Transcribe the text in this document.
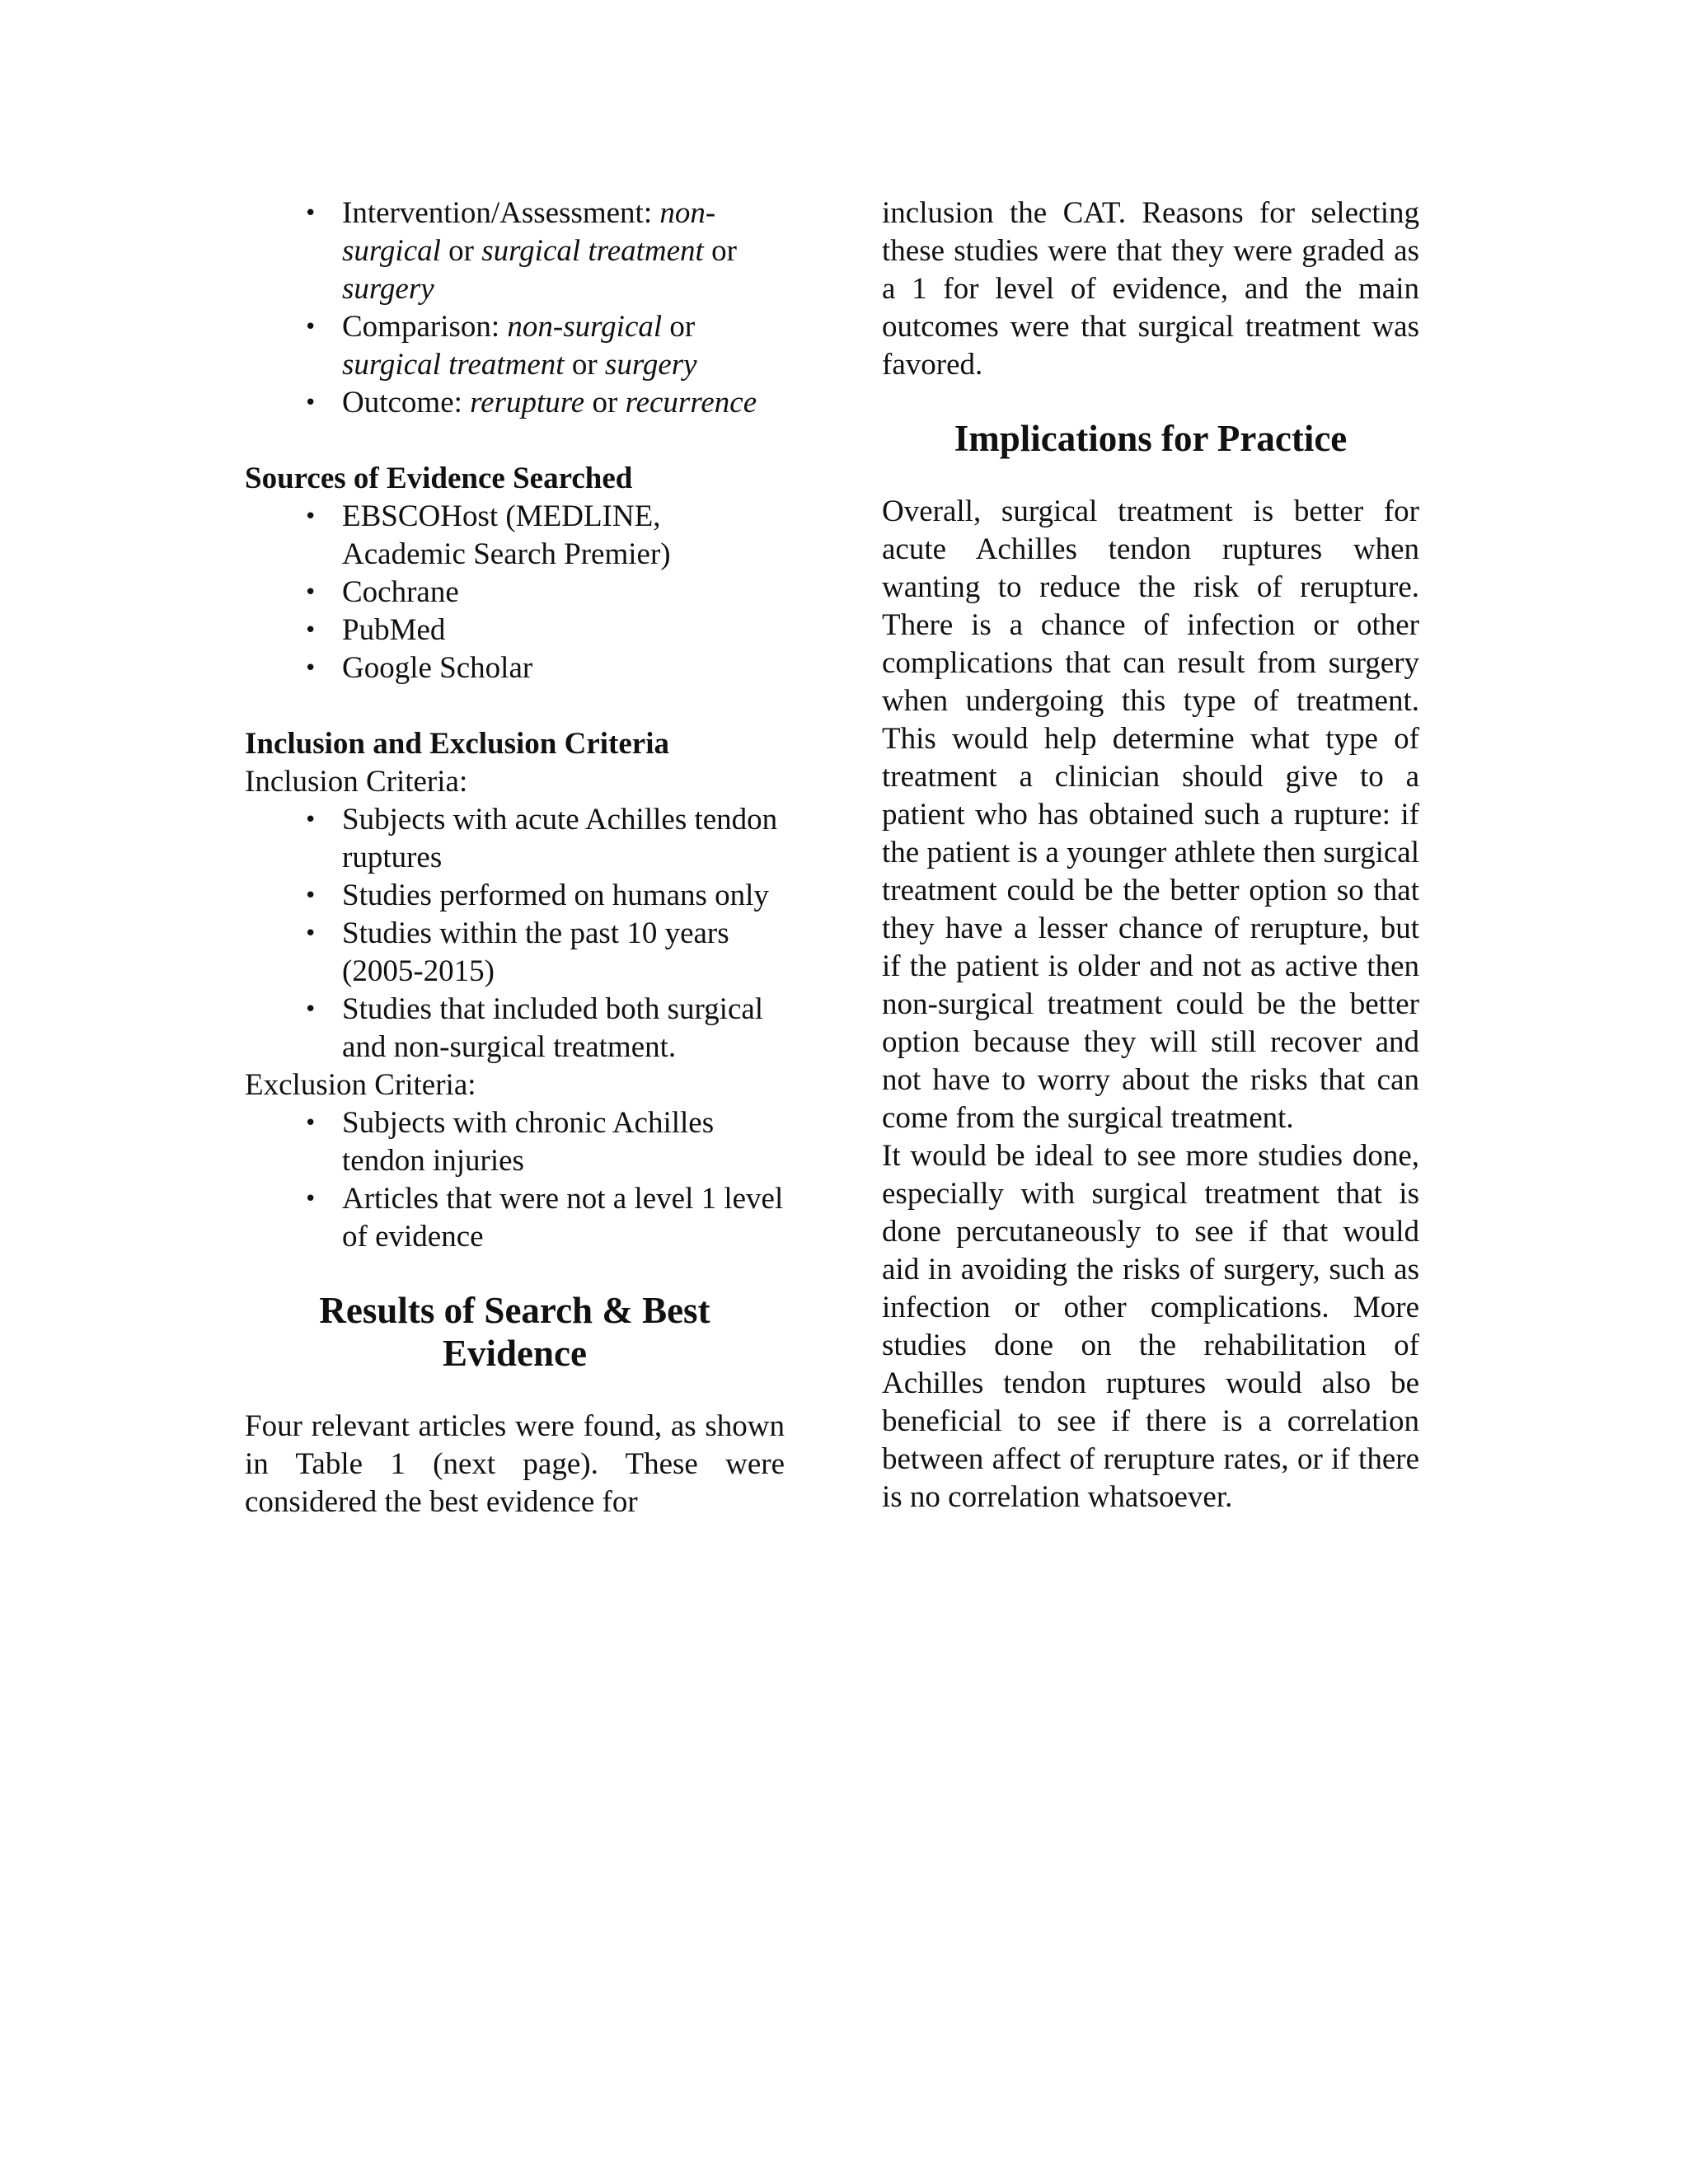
• Intervention/Assessment: non-surgical or surgical treatment or surgery
• Comparison: non-surgical or surgical treatment or surgery
• Outcome: rerupture or recurrence

Sources of Evidence Searched

• EBSCOHost (MEDLINE, Academic Search Premier)
• Cochrane
• PubMed
• Google Scholar

Inclusion and Exclusion Criteria

Inclusion Criteria:

• Subjects with acute Achilles tendon ruptures
• Studies performed on humans only
• Studies within the past 10 years (2005-2015)
• Studies that included both surgical and non-surgical treatment.

Exclusion Criteria:

• Subjects with chronic Achilles tendon injuries
• Articles that were not a level 1 level of evidence
Results of Search & Best Evidence

Four relevant articles were found, as shown in Table 1 (next page). These were considered the best evidence for

inclusion the CAT. Reasons for selecting these studies were that they were graded as a 1 for level of evidence, and the main outcomes were that surgical treatment was favored.

Implications for Practice

Overall, surgical treatment is better for acute Achilles tendon ruptures when wanting to reduce the risk of rerupture. There is a chance of infection or other complications that can result from surgery when undergoing this type of treatment. This would help determine what type of treatment a clinician should give to a patient who has obtained such a rupture: if the patient is a younger athlete then surgical treatment could be the better option so that they have a lesser chance of rerupture, but if the patient is older and not as active then non-surgical treatment could be the better option because they will still recover and not have to worry about the risks that can come from the surgical treatment.

It would be ideal to see more studies done, especially with surgical treatment that is done percutaneously to see if that would aid in avoiding the risks of surgery, such as infection or other complications. More studies done on the rehabilitation of Achilles tendon ruptures would also be beneficial to see if there is a correlation between affect of rerupture rates, or if there is no correlation whatsoever.
